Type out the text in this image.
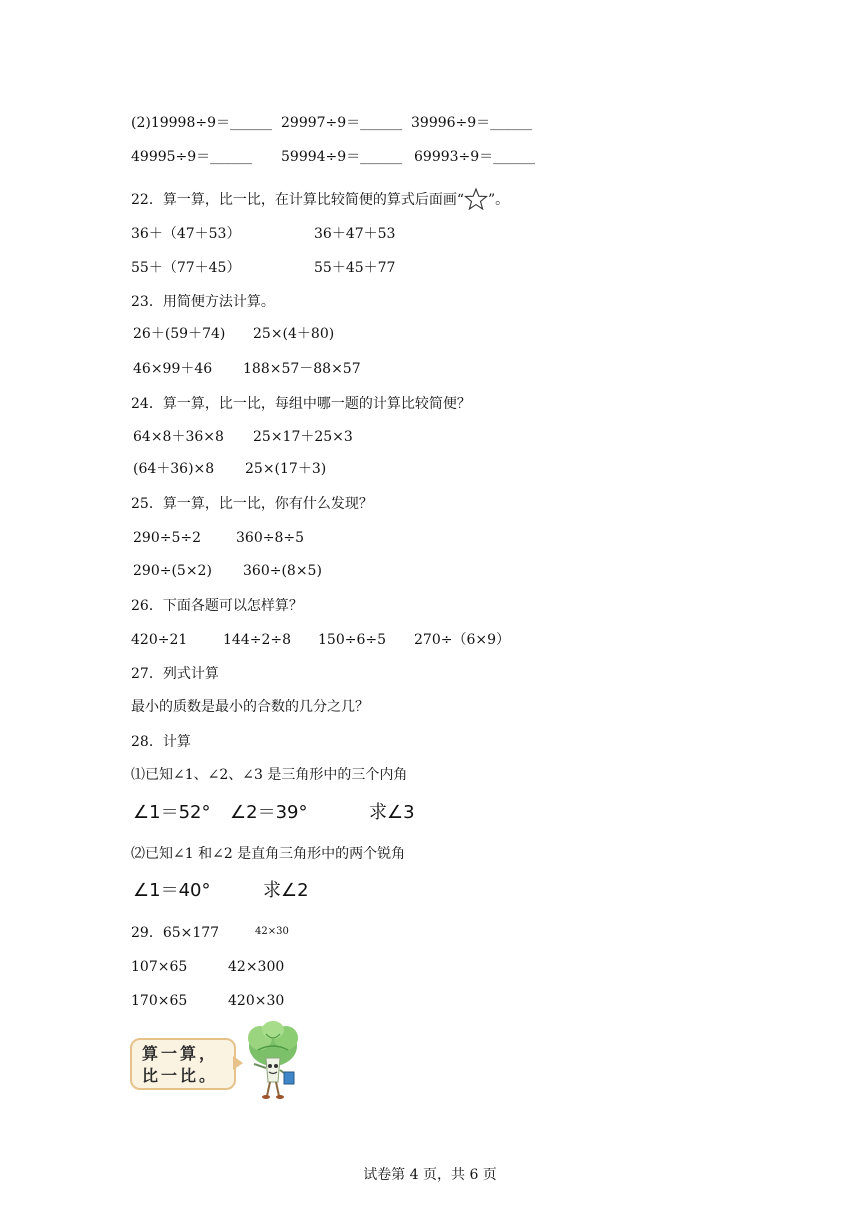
(2)19998÷9＝______ 29997÷9＝______ 39996÷9＝______
49995÷9＝______ 59994÷9＝______ 69993÷9＝______
22．算一算，比一比，在计算比较简便的算式后面画“ ”。
36＋（47＋53）	36＋47＋53
55＋（77＋45）	55＋45＋77
23．用简便方法计算。
26＋(59＋74) 25×(4＋80)
46×99＋46 188×57－88×57
24．算一算，比一比，每组中哪一题的计算比较简便？
64×8＋36×8 25×17＋25×3
(64＋36)×8 25×(17＋3)
25．算一算，比一比，你有什么发现？
290÷5÷2	360÷8÷5
290÷(5×2) 360÷(8×5)
26．下面各题可以怎样算？
420÷21	144÷2÷8 150÷6÷5 270÷（6×9）
27．列式计算
最小的质数是最小的合数的几分之几？
28．计算
⑴已知∠1、∠2、∠3 是三角形中的三个内角
∠1＝52° ∠2＝39°	求∠3
⑵已知∠1 和∠2 是直角三角形中的两个锐角
∠1＝40°	求∠2
29．65×177	42×30
107×65	42×300
170×65	420×30
算一算，
比一比。
试卷第 4 页，共 6 页
